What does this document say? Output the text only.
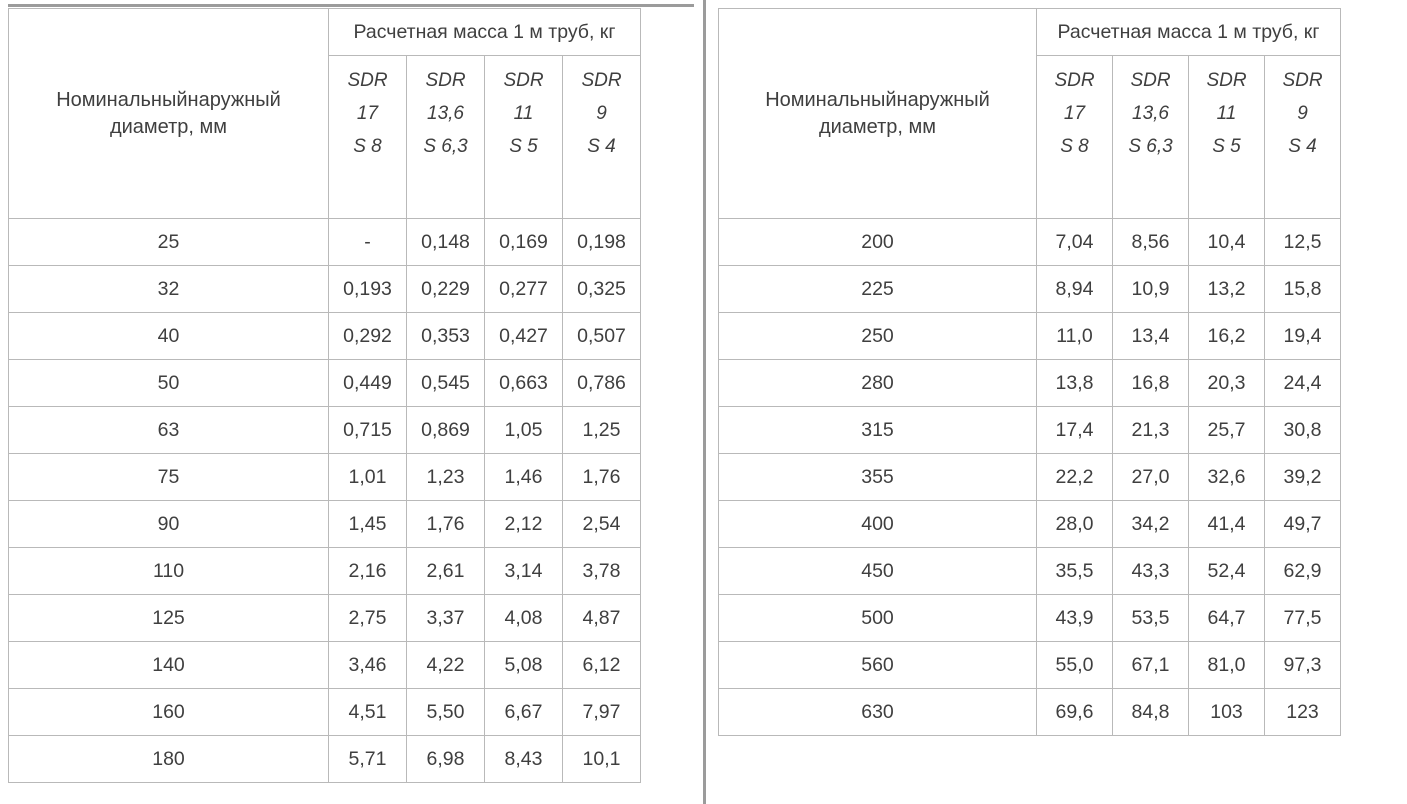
Номинальныйнаружный диаметр, мм	Расчетная масса 1 м труб, кг			

SDR
17
S 8

SDR
13,6
S 6,3

SDR
11
S 5

SDR
9
S 4

25	-	0,148	0,169	0,198
32	0,193	0,229	0,277	0,325
40	0,292	0,353	0,427	0,507
50	0,449	0,545	0,663	0,786
63	0,715	0,869	1,05	1,25
75	1,01	1,23	1,46	1,76
90	1,45	1,76	2,12	2,54
110	2,16	2,61	3,14	3,78
125	2,75	3,37	4,08	4,87
140	3,46	4,22	5,08	6,12
160	4,51	5,50	6,67	7,97
180	5,71	6,98	8,43	10,1
Номинальныйнаружный диаметр, мм	Расчетная масса 1 м труб, кг			

SDR
17
S 8

SDR
13,6
S 6,3

SDR
11
S 5

SDR
9
S 4

200	7,04	8,56	10,4	12,5
225	8,94	10,9	13,2	15,8
250	11,0	13,4	16,2	19,4
280	13,8	16,8	20,3	24,4
315	17,4	21,3	25,7	30,8
355	22,2	27,0	32,6	39,2
400	28,0	34,2	41,4	49,7
450	35,5	43,3	52,4	62,9
500	43,9	53,5	64,7	77,5
560	55,0	67,1	81,0	97,3
630	69,6	84,8	103	123
